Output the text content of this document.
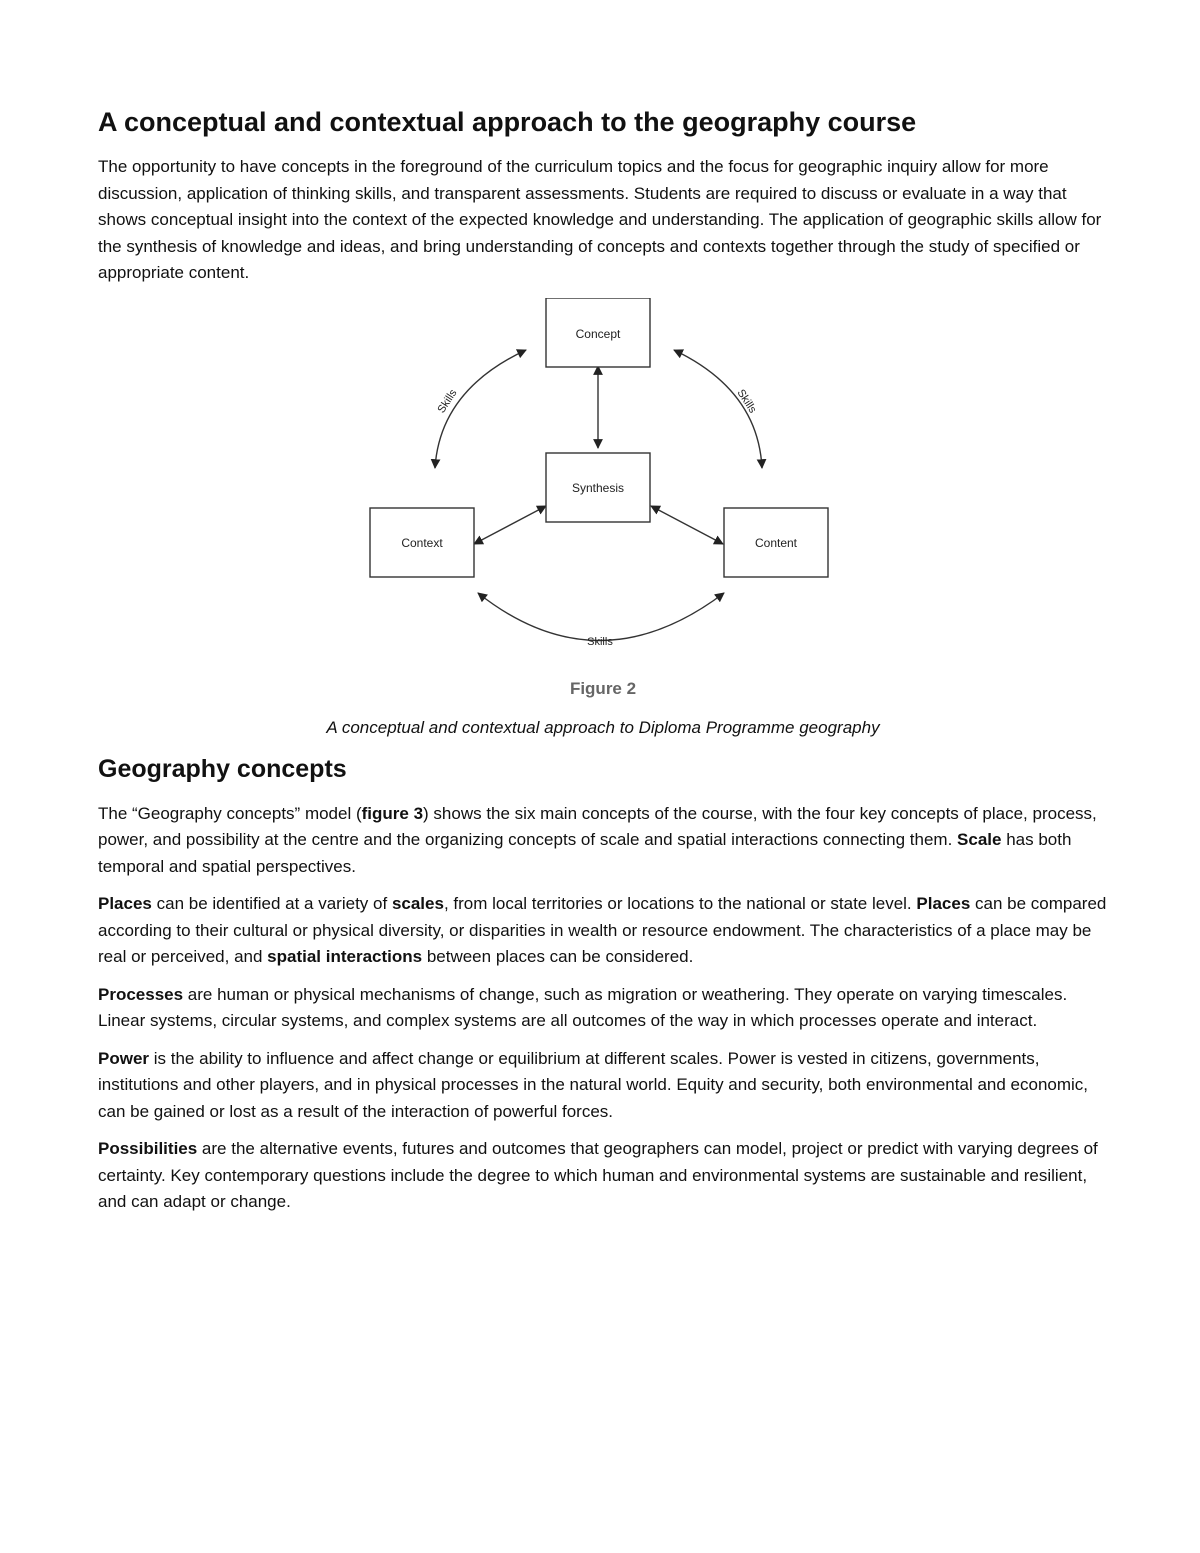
A conceptual and contextual approach to the geography course

The opportunity to have concepts in the foreground of the curriculum topics and the focus for geographic inquiry allow for more discussion, application of thinking skills, and transparent assessments. Students are required to discuss or evaluate in a way that shows conceptual insight into the context of the expected knowledge and understanding. The application of geographic skills allow for the synthesis of knowledge and ideas, and bring understanding of concepts and contexts together through the study of specified or appropriate content.

Concept
Synthesis
Context	Content
Skills	Skills
Skills
Figure 2
A conceptual and contextual approach to Diploma Programme geography
Geography concepts

The “Geography concepts” model (figure 3) shows the six main concepts of the course, with the four key concepts of place, process, power, and possibility at the centre and the organizing concepts of scale and spatial interactions connecting them. Scale has both temporal and spatial perspectives.

Places can be identified at a variety of scales, from local territories or locations to the national or state level. Places can be compared according to their cultural or physical diversity, or disparities in wealth or resource endowment. The characteristics of a place may be real or perceived, and spatial interactions between places can be considered.

Processes are human or physical mechanisms of change, such as migration or weathering. They operate on varying timescales. Linear systems, circular systems, and complex systems are all outcomes of the way in which processes operate and interact.

Power is the ability to influence and affect change or equilibrium at different scales. Power is vested in citizens, governments, institutions and other players, and in physical processes in the natural world. Equity and security, both environmental and economic, can be gained or lost as a result of the interaction of powerful forces.

Possibilities are the alternative events, futures and outcomes that geographers can model, project or predict with varying degrees of certainty. Key contemporary questions include the degree to which human and environmental systems are sustainable and resilient, and can adapt or change.
